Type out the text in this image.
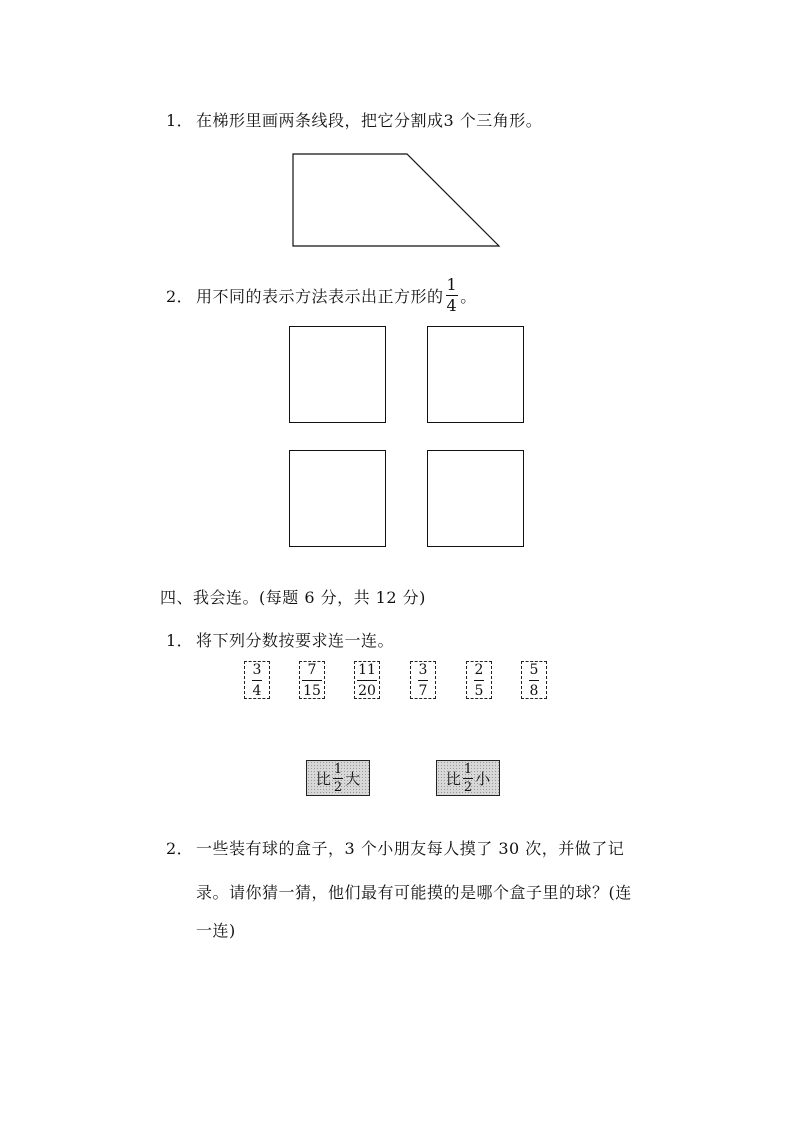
1． 在梯形里画两条线段，把它分割成3 个三角形。
2． 用不同的表示方法表示出正方形的 $\frac{1}{4}$ 。
四、我会连。(每题 6 分，共 12 分)
1． 将下列分数按要求连一连。
$\frac{3}{4}$	$\frac{7}{15}$	$\frac{11}{20}$	$\frac{3}{7}$	$\frac{2}{5}$	$\frac{5}{8}$
比 $\frac{1}{2}$ 大	比 $\frac{1}{2}$ 小
2． 一些装有球的盒子，3 个小朋友每人摸了 30 次，并做了记
录。请你猜一猜，他们最有可能摸的是哪个盒子里的球？(连
一连)
